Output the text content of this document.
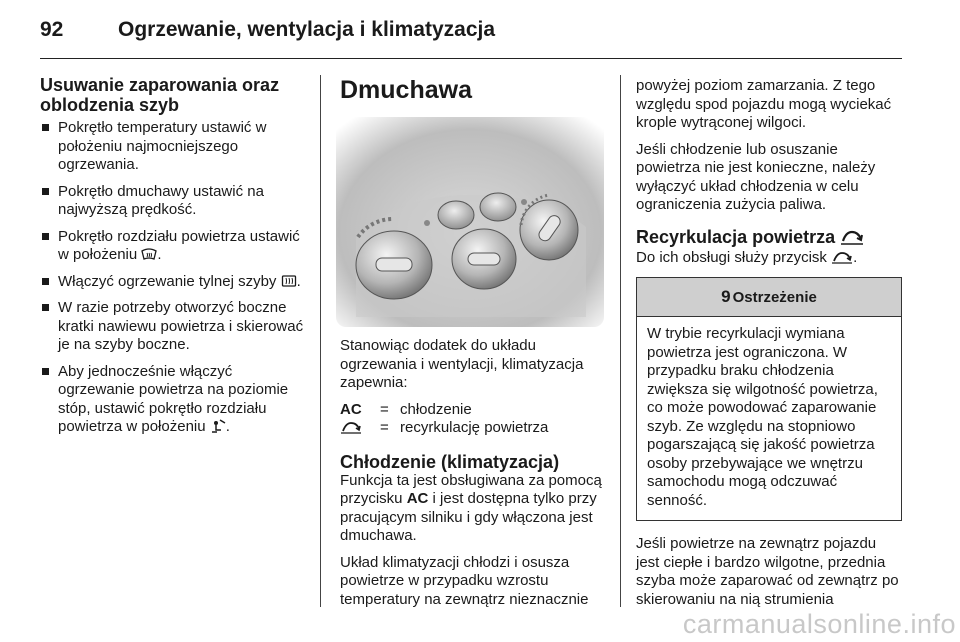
92	Ogrzewanie, wentylacja i klimatyzacja
Usuwanie zaparowania oraz oblodzenia szyb
Pokrętło temperatury ustawić w położeniu najmocniejszego ogrzewania.
Pokrętło dmuchawy ustawić na najwyższą prędkość.
Pokrętło rozdziału powietrza ustawić w położeniu .
Włączyć ogrzewanie tylnej szyby .
W razie potrzeby otworzyć boczne kratki nawiewu powietrza i skierować je na szyby boczne.
Aby jednocześnie włączyć ogrzewanie powietrza na poziomie stóp, ustawić pokrętło rozdziału powietrza w położeniu .
Dmuchawa

Stanowiąc dodatek do układu ogrzewania i wentylacji, klimatyzacja zapewnia:

AC	= chłodzenie
= recyrkulację powietrza
Chłodzenie (klimatyzacja)

Funkcja ta jest obsługiwana za pomocą przycisku AC i jest dostępna tylko przy pracującym silniku i gdy włączona jest dmuchawa.

Układ klimatyzacji chłodzi i osusza powietrze w przypadku wzrostu temperatury na zewnątrz nieznacznie

powyżej poziom zamarzania. Z tego względu spod pojazdu mogą wyciekać krople wytrąconej wilgoci.

Jeśli chłodzenie lub osuszanie powietrza nie jest konieczne, należy wyłączyć układ chłodzenia w celu ograniczenia zużycia paliwa.

Recyrkulacja powietrza

Do ich obsługi służy przycisk .

9 Ostrzeżenie
W trybie recyrkulacji wymiana powietrza jest ograniczona. W przypadku braku chłodzenia zwiększa się wilgotność powietrza, co może powodować zaparowanie szyb. Ze względu na stopniowo pogarszającą się jakość powietrza osoby przebywające we wnętrzu samochodu mogą odczuwać senność.

Jeśli powietrze na zewnątrz pojazdu jest ciepłe i bardzo wilgotne, przednia szyba może zaparować od zewnątrz po skierowaniu na nią strumienia

carmanualsonline.info
